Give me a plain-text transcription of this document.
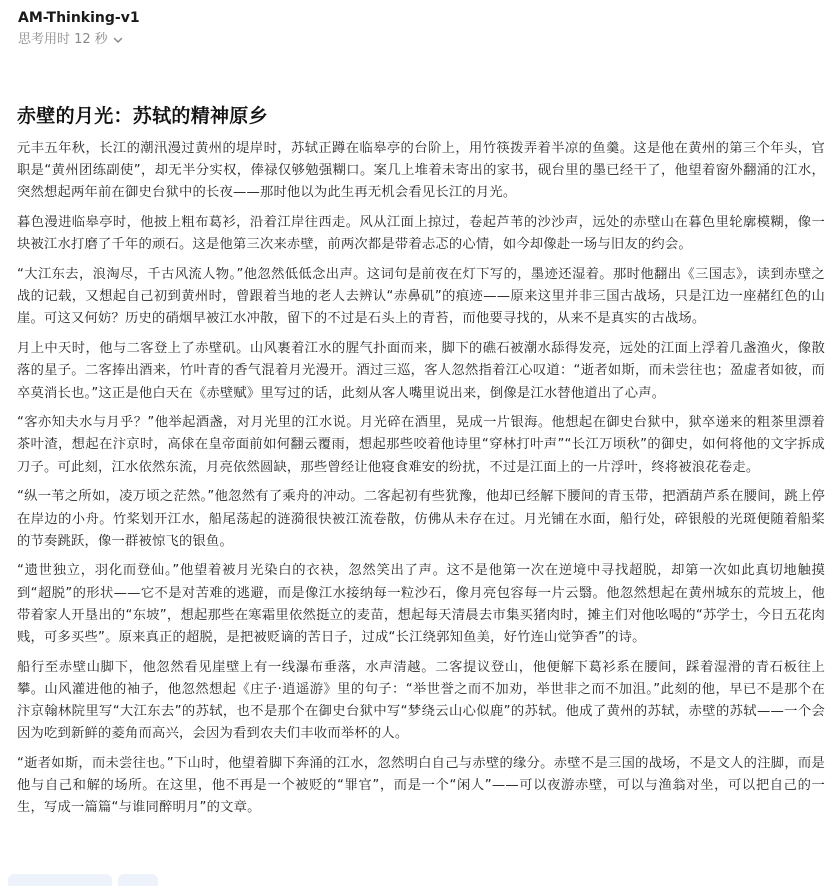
AM-Thinking-v1
思考用时 12 秒
赤壁的月光：苏轼的精神原乡

元丰五年秋，长江的潮汛漫过黄州的堤岸时，苏轼正蹲在临皋亭的台阶上，用竹筷拨弄着半凉的鱼羹。这是他在黄州的第三个年头，官职是“黄州团练副使”，却无半分实权，俸禄仅够勉强糊口。案几上堆着未寄出的家书，砚台里的墨已经干了，他望着窗外翻涌的江水，突然想起两年前在御史台狱中的长夜——那时他以为此生再无机会看见长江的月光。

暮色漫进临皋亭时，他披上粗布葛衫，沿着江岸往西走。风从江面上掠过，卷起芦苇的沙沙声，远处的赤壁山在暮色里轮廓模糊，像一块被江水打磨了千年的顽石。这是他第三次来赤壁，前两次都是带着忐忑的心情，如今却像赴一场与旧友的约会。

“大江东去，浪淘尽，千古风流人物。”他忽然低低念出声。这词句是前夜在灯下写的，墨迹还湿着。那时他翻出《三国志》，读到赤壁之战的记载，又想起自己初到黄州时，曾跟着当地的老人去辨认“赤鼻矶”的痕迹——原来这里并非三国古战场，只是江边一座赭红色的山崖。可这又何妨？历史的硝烟早被江水冲散，留下的不过是石头上的青苔，而他要寻找的，从来不是真实的古战场。

月上中天时，他与二客登上了赤壁矶。山风裹着江水的腥气扑面而来，脚下的礁石被潮水舔得发亮，远处的江面上浮着几盏渔火，像散落的星子。二客捧出酒来，竹叶青的香气混着月光漫开。酒过三巡，客人忽然指着江心叹道：“逝者如斯，而未尝往也；盈虚者如彼，而卒莫消长也。”这正是他白天在《赤壁赋》里写过的话，此刻从客人嘴里说出来，倒像是江水替他道出了心声。

“客亦知夫水与月乎？”他举起酒盏，对月光里的江水说。月光碎在酒里，晃成一片银海。他想起在御史台狱中，狱卒递来的粗茶里漂着茶叶渣，想起在汴京时，高俅在皇帝面前如何翻云覆雨，想起那些咬着他诗里“穿林打叶声”“长江万顷秋”的御史，如何将他的文字拆成刀子。可此刻，江水依然东流，月亮依然圆缺，那些曾经让他寝食难安的纷扰，不过是江面上的一片浮叶，终将被浪花卷走。

“纵一苇之所如，凌万顷之茫然。”他忽然有了乘舟的冲动。二客起初有些犹豫，他却已经解下腰间的青玉带，把酒葫芦系在腰间，跳上停在岸边的小舟。竹桨划开江水，船尾荡起的涟漪很快被江流卷散，仿佛从未存在过。月光铺在水面，船行处，碎银般的光斑便随着船桨的节奏跳跃，像一群被惊飞的银鱼。

“遗世独立，羽化而登仙。”他望着被月光染白的衣袂，忽然笑出了声。这不是他第一次在逆境中寻找超脱，却第一次如此真切地触摸到“超脱”的形状——它不是对苦难的逃避，而是像江水接纳每一粒沙石，像月亮包容每一片云翳。他忽然想起在黄州城东的荒坡上，他带着家人开垦出的“东坡”，想起那些在寒霜里依然挺立的麦苗，想起每天清晨去市集买猪肉时，摊主们对他吆喝的“苏学士，今日五花肉贱，可多买些”。原来真正的超脱，是把被贬谪的苦日子，过成“长江绕郭知鱼美，好竹连山觉笋香”的诗。

船行至赤壁山脚下，他忽然看见崖壁上有一线瀑布垂落，水声清越。二客提议登山，他便解下葛衫系在腰间，踩着湿滑的青石板往上攀。山风灌进他的袖子，他忽然想起《庄子·逍遥游》里的句子：“举世誉之而不加劝，举世非之而不加沮。”此刻的他，早已不是那个在汴京翰林院里写“大江东去”的苏轼，也不是那个在御史台狱中写“梦绕云山心似鹿”的苏轼。他成了黄州的苏轼，赤壁的苏轼——一个会因为吃到新鲜的菱角而高兴，会因为看到农夫们丰收而举杯的人。

“逝者如斯，而未尝往也。”下山时，他望着脚下奔涌的江水，忽然明白自己与赤壁的缘分。赤壁不是三国的战场，不是文人的注脚，而是他与自己和解的场所。在这里，他不再是一个被贬的“罪官”，而是一个“闲人”——可以夜游赤壁，可以与渔翁对坐，可以把自己的一生，写成一篇篇“与谁同醉明月”的文章。
